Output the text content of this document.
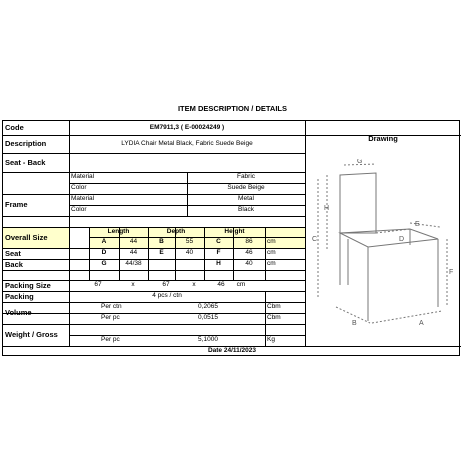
ITEM DESCRIPTION / DETAILS
Code	EM7911,3 ( E-00024249 )
Drawing
Description	LYDIA Chair Metal Black, Fabric Suede Beige
Seat - Back
Material	Fabric
Color	Suede Beige
Frame
Material	Metal
Color	Black
Overall Size
Length	Depth	Height
A	44	B	55	C	86	cm
Seat	D	44	E	40	F	46	cm
Back	G	44/38	H	40	cm
Packing Size	67	x	67	x	46	cm
Packing	4 pcs / ctn
Volume
Per ctn	0,2065	Cbm
Per pc	0,0515	Cbm
Weight / Gross
Per pc	5,1000	Kg
Date 24/11/2023
G
H
C
E
D
F
B	A
